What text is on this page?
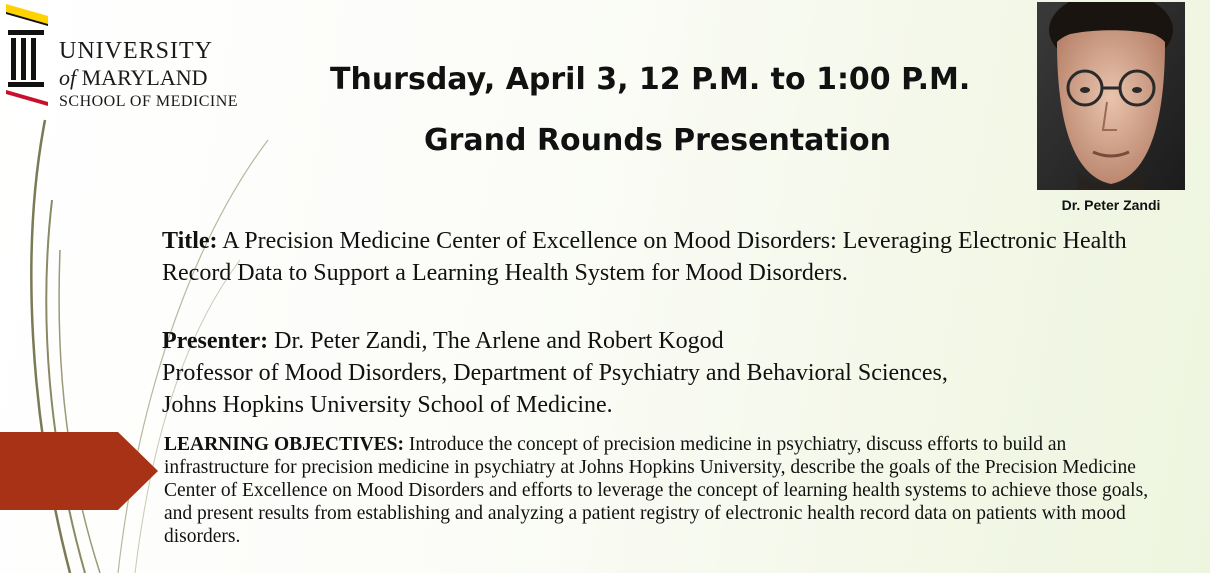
UNIVERSITY
of MARYLAND
SCHOOL OF MEDICINE
Thursday, April 3, 12 P.M. to 1:00 P.M.
Grand Rounds Presentation
Dr. Peter Zandi
Title: A Precision Medicine Center of Excellence on Mood Disorders: Leveraging Electronic Health Record Data to Support a Learning Health System for Mood Disorders.
Presenter: Dr. Peter Zandi, The Arlene and Robert Kogod
Professor of Mood Disorders, Department of Psychiatry and Behavioral Sciences,
Johns Hopkins University School of Medicine.
LEARNING OBJECTIVES: Introduce the concept of precision medicine in psychiatry, discuss efforts to build an infrastructure for precision medicine in psychiatry at Johns Hopkins University, describe the goals of the Precision Medicine Center of Excellence on Mood Disorders and efforts to leverage the concept of learning health systems to achieve those goals, and present results from establishing and analyzing a patient registry of electronic health record data on patients with mood disorders.
